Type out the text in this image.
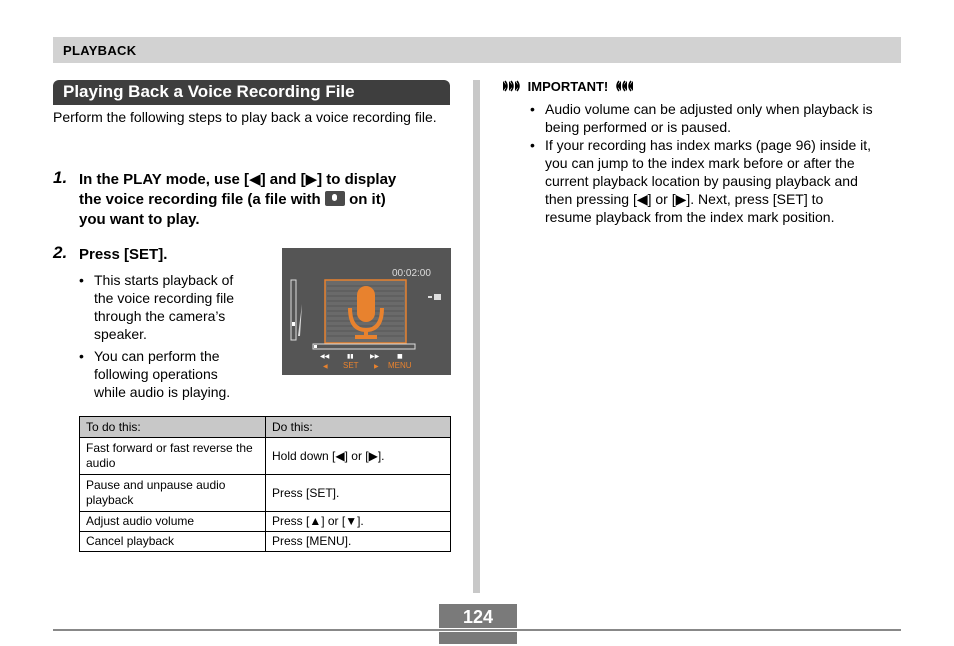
PLAYBACK
Playing Back a Voice Recording File
Perform the following steps to play back a voice recording file.
1. In the PLAY mode, use [◀] and [▶] to display
the voice recording file (a file with on it)
you want to play.
2. Press [SET].
• This starts playback of
the voice recording file
through the camera’s
speaker.
• You can perform the
following operations
while audio is playing.
00:02:00
◀◀	▮▮	▶▶	■
◀ SET	▶ MENU
To do this:	Do this:
Fast forward or fast reverse the audio	Hold down [◀] or [▶].
Pause and unpause audio playback	Press [SET].
Adjust audio volume	Press [▲] or [▼].
Cancel playback	Press [MENU].
IMPORTANT!
• Audio volume can be adjusted only when playback is
being performed or is paused.
• If your recording has index marks (page 96) inside it,
you can jump to the index mark before or after the
current playback location by pausing playback and
then pressing [◀] or [▶]. Next, press [SET] to
resume playback from the index mark position.
124
